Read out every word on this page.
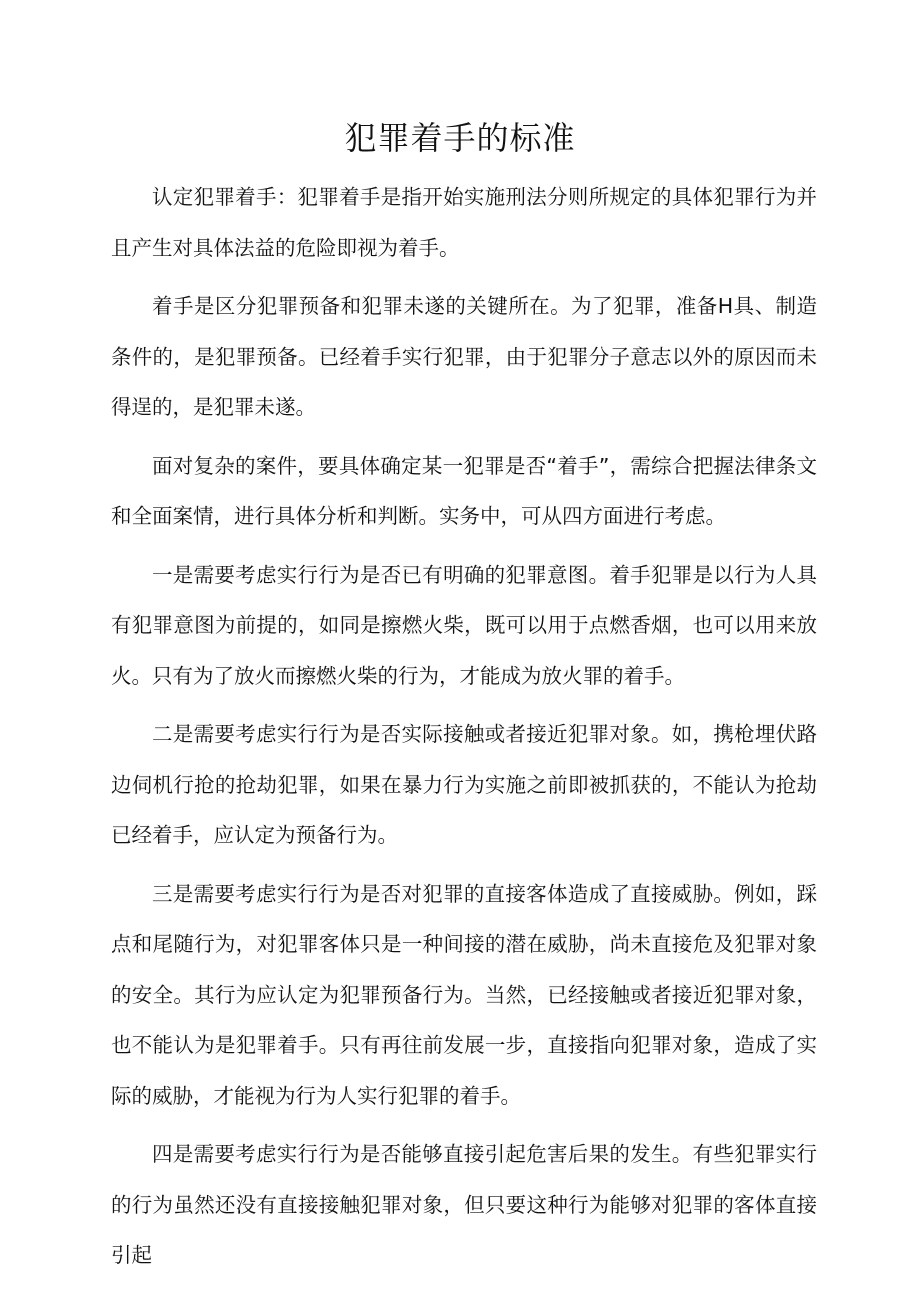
犯罪着手的标准

认定犯罪着手：犯罪着手是指开始实施刑法分则所规定的具体犯罪行为并且产生对具体法益的危险即视为着手。

着手是区分犯罪预备和犯罪未遂的关键所在。为了犯罪，准备H具、制造条件的，是犯罪预备。已经着手实行犯罪，由于犯罪分子意志以外的原因而未得逞的，是犯罪未遂。

面对复杂的案件，要具体确定某一犯罪是否“着手”，需综合把握法律条文和全面案情，进行具体分析和判断。实务中，可从四方面进行考虑。

一是需要考虑实行行为是否已有明确的犯罪意图。着手犯罪是以行为人具有犯罪意图为前提的，如同是擦燃火柴，既可以用于点燃香烟，也可以用来放火。只有为了放火而擦燃火柴的行为，才能成为放火罪的着手。

二是需要考虑实行行为是否实际接触或者接近犯罪对象。如，携枪埋伏路边伺机行抢的抢劫犯罪，如果在暴力行为实施之前即被抓获的，不能认为抢劫已经着手，应认定为预备行为。

三是需要考虑实行行为是否对犯罪的直接客体造成了直接威胁。例如，踩点和尾随行为，对犯罪客体只是一种间接的潜在威胁，尚未直接危及犯罪对象的安全。其行为应认定为犯罪预备行为。当然，已经接触或者接近犯罪对象，也不能认为是犯罪着手。只有再往前发展一步，直接指向犯罪对象，造成了实际的威胁，才能视为行为人实行犯罪的着手。

四是需要考虑实行行为是否能够直接引起危害后果的发生。有些犯罪实行的行为虽然还没有直接接触犯罪对象，但只要这种行为能够对犯罪的客体直接引起
